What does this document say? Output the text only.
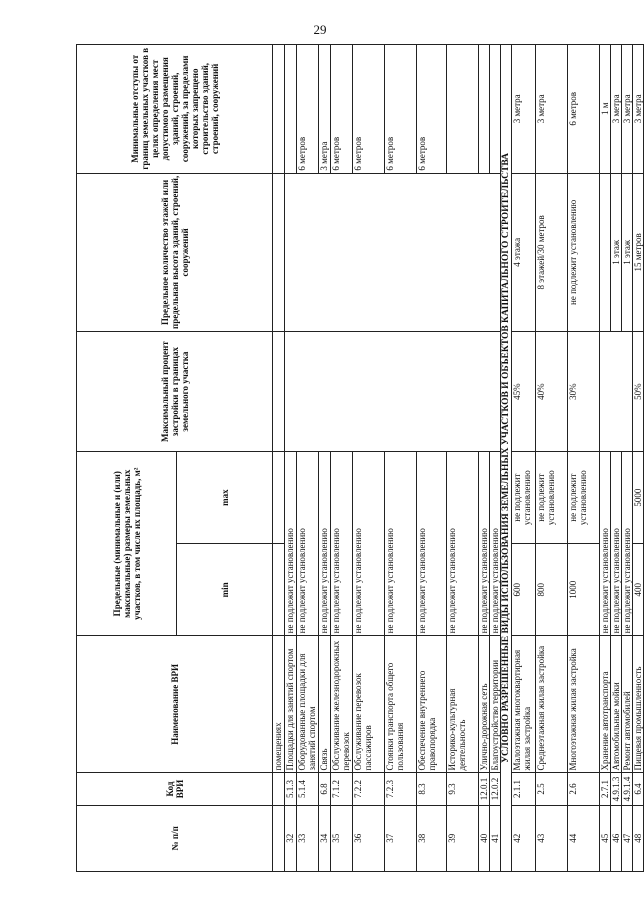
29
№ п/п	Код ВРИ	Наименование ВРИ	Предельные (минимальные и (или) максимальные) размеры земельных участков, в том числе их площадь, м²		Максимальный процент застройки в границах земельного участка	Предельное количество этажей или предельная высота зданий, строений, сооружений	Минимальные отступы от границ земельных участков в целях определения мест допустимого размещения зданий, строений, сооружений, за пределами которых запрещено строительство зданий, строений, сооружений
			min	max			
		помещениях					
32	5.1.3	Площадки для занятий спортом	не подлежит установлению				
33	5.1.4	Оборудованные площадки для занятий спортом	не подлежит установлению				6 метров
34	6.8	Связь	не подлежит установлению				3 метра
35	7.1.2	Обслуживание железнодорожных перевозок	не подлежит установлению				6 метров
36	7.2.2	Обслуживание перевозок пассажиров	не подлежит установлению				6 метров
37	7.2.3	Стоянки транспорта общего пользования	не подлежит установлению				6 метров
38	8.3	Обеспечение внутреннего правопорядка	не подлежит установлению				6 метров
39	9.3	Историко-культурная деятельность	не подлежит установлению				
40	12.0.1	Улично-дорожная сеть	не подлежит установлению				
41	12.0.2	Благоустройство территории	не подлежит установлению				
УСЛОВНО РАЗРЕШЕННЫЕ ВИДЫ ИСПОЛЬЗОВАНИЯ ЗЕМЕЛЬНЫХ УЧАСТКОВ И ОБЪЕКТОВ КАПИТАЛЬНОГО СТРОИТЕЛЬСТВА							
42	2.1.1	Малоэтажная многоквартирная жилая застройка	600	не подлежит установлению	45%	4 этажа	3 метра
43	2.5	Среднеэтажная жилая застройка	800	не подлежит установлению	40%	8 этажей/30 метров	3 метра
44	2.6	Многоэтажная жилая застройка	1000	не подлежит установлению	30%	не подлежит установлению	6 метров
45	2.7.1	Хранение автотранспорта	не подлежит установлению				1 м
46	4.9.1.3	Автомобильные мойки	не подлежит установлению			1 этаж	3 метра
47	4.9.1.4	Ремонт автомобилей	не подлежит установлению			1 этаж	3 метра
48	6.4	Пищевая промышленность	400	5000	50%	15 метров	3 метра
